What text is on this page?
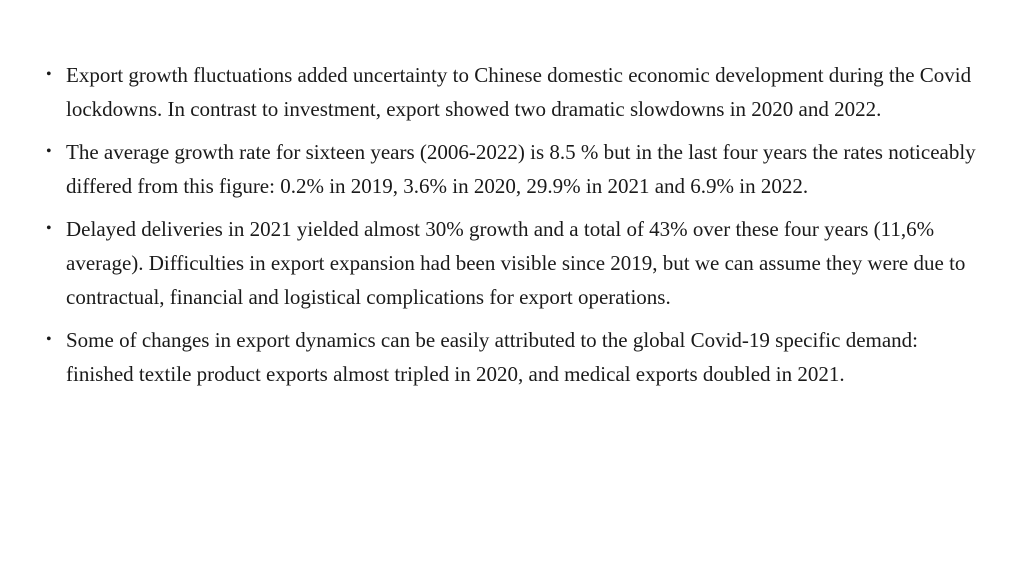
• Export growth fluctuations added uncertainty to Chinese domestic economic development during the Covid lockdowns. In contrast to investment, export showed two dramatic slowdowns in 2020 and 2022.
• The average growth rate for sixteen years (2006-2022) is 8.5 % but in the last four years the rates noticeably differed from this figure: 0.2% in 2019, 3.6% in 2020, 29.9% in 2021 and 6.9% in 2022.
• Delayed deliveries in 2021 yielded almost 30% growth and a total of 43% over these four years (11,6% average). Difficulties in export expansion had been visible since 2019, but we can assume they were due to contractual, financial and logistical complications for export operations.
• Some of changes in export dynamics can be easily attributed to the global Covid-19 specific demand: finished textile product exports almost tripled in 2020, and medical exports doubled in 2021.
